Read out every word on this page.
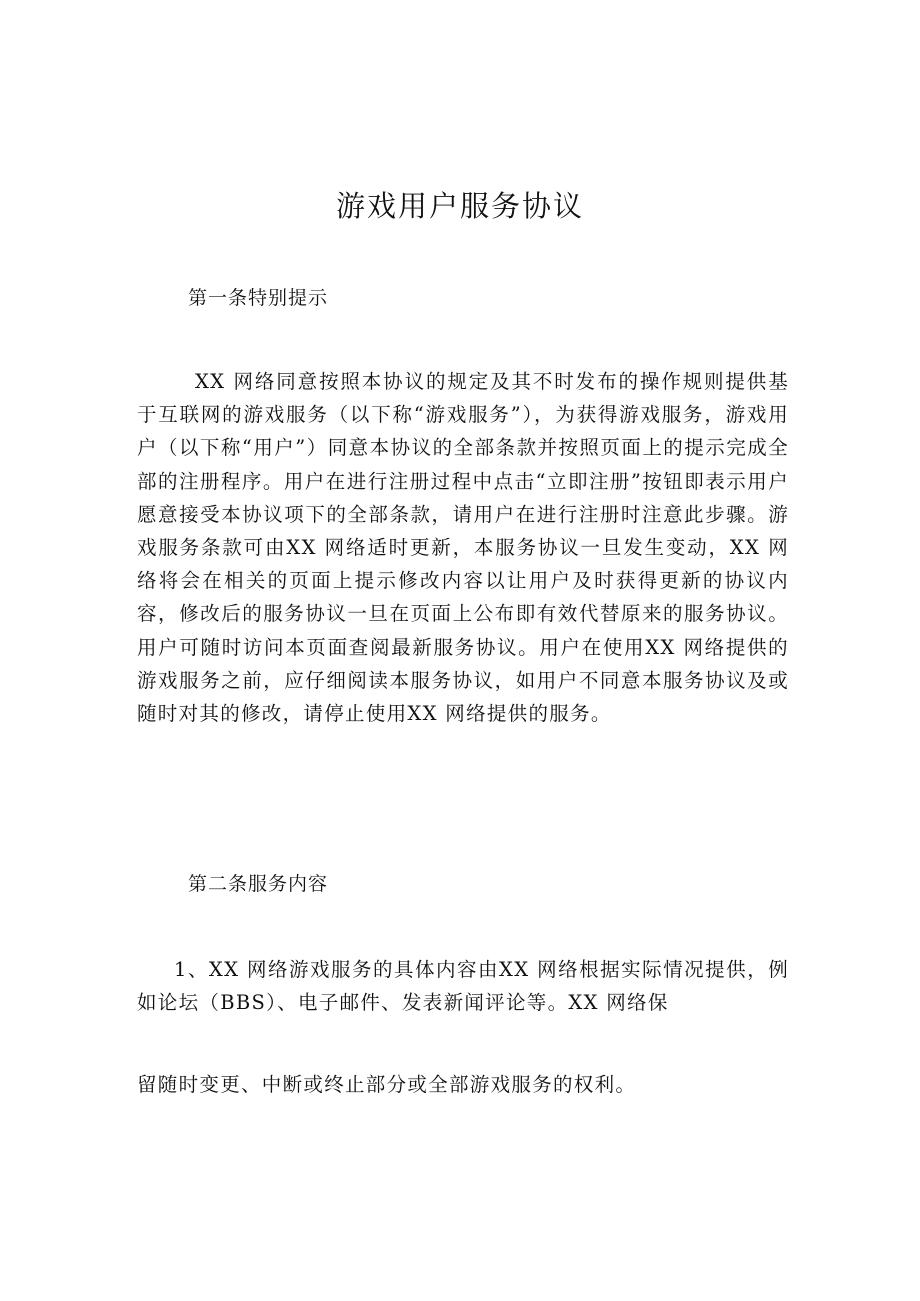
游戏用户服务协议
第一条特别提示

XX 网络同意按照本协议的规定及其不时发布的操作规则提供基于互联网的游戏服务（以下称“游戏服务”），为获得游戏服务，游戏用户（以下称“用户”）同意本协议的全部条款并按照页面上的提示完成全部的注册程序。用户在进行注册过程中点击“立即注册”按钮即表示用户愿意接受本协议项下的全部条款，请用户在进行注册时注意此步骤。游戏服务条款可由XX 网络适时更新，本服务协议一旦发生变动，XX 网络将会在相关的页面上提示修改内容以让用户及时获得更新的协议内容，修改后的服务协议一旦在页面上公布即有效代替原来的服务协议。用户可随时访问本页面查阅最新服务协议。用户在使用XX 网络提供的游戏服务之前，应仔细阅读本服务协议，如用户不同意本服务协议及或随时对其的修改，请停止使用XX 网络提供的服务。

第二条服务内容

1、XX 网络游戏服务的具体内容由XX 网络根据实际情况提供，例如论坛（BBS）、电子邮件、发表新闻评论等。XX 网络保

留随时变更、中断或终止部分或全部游戏服务的权利。
